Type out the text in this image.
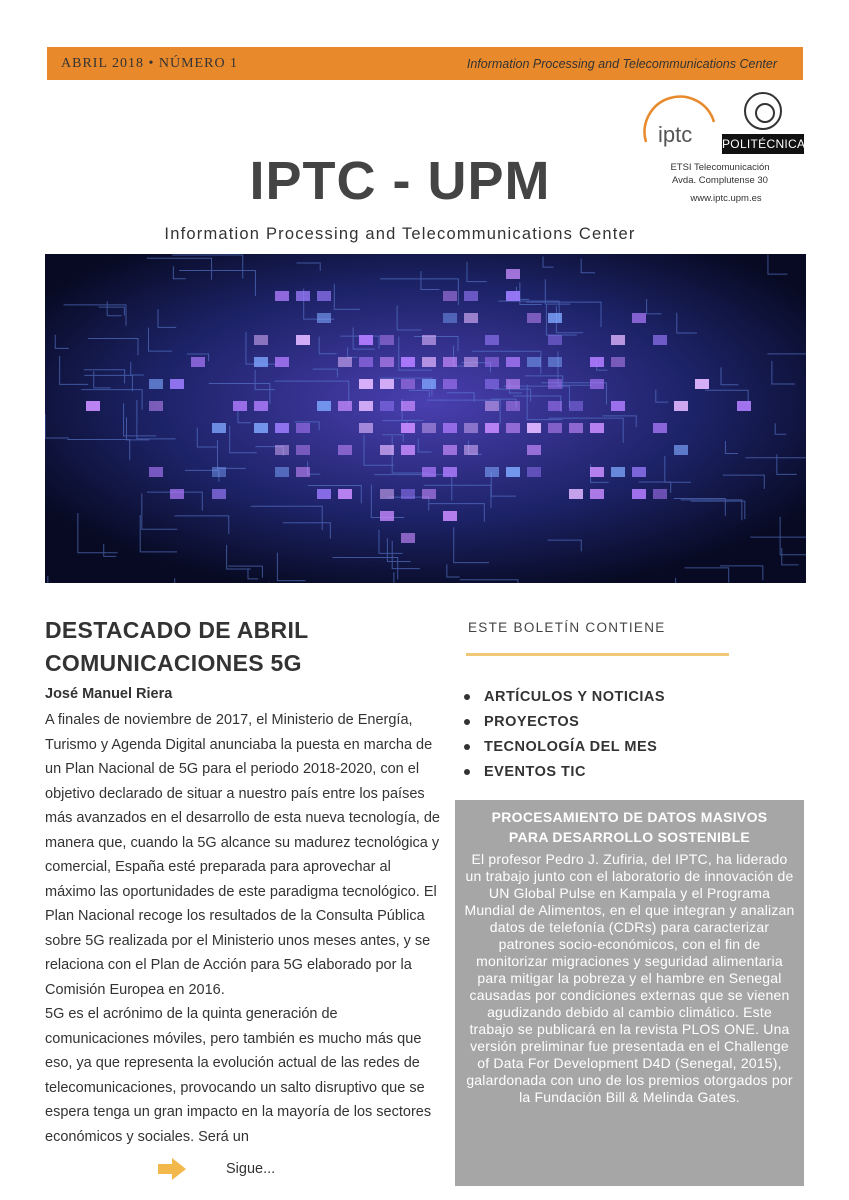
ABRIL 2018 • NÚMERO 1	Information Processing and Telecommunications Center
iptc POLITÉCNICA
ETSI Telecomunicación
Avda. Complutense 30
www.iptc.upm.es
IPTC - UPM
Information Processing and Telecommunications Center
DESTACADO DE ABRIL
COMUNICACIONES 5G
José Manuel Riera

A finales de noviembre de 2017, el Ministerio de Energía, Turismo y Agenda Digital anunciaba la puesta en marcha de un Plan Nacional de 5G para el periodo 2018-2020, con el objetivo declarado de situar a nuestro país entre los países más avanzados en el desarrollo de esta nueva tecnología, de manera que, cuando la 5G alcance su madurez tecnológica y comercial, España esté preparada para aprovechar al máximo las oportunidades de este paradigma tecnológico. El Plan Nacional recoge los resultados de la Consulta Pública sobre 5G realizada por el Ministerio unos meses antes, y se relaciona con el Plan de Acción para 5G elaborado por la Comisión Europea en 2016.

5G es el acrónimo de la quinta generación de comunicaciones móviles, pero también es mucho más que eso, ya que representa la evolución actual de las redes de telecomunicaciones, provocando un salto disruptivo que se espera tenga un gran impacto en la mayoría de los sectores económicos y sociales. Será un

Sigue...
ESTE BOLETÍN CONTIENE
ARTÍCULOS Y NOTICIAS
PROYECTOS
TECNOLOGÍA DEL MES
EVENTOS TIC
PROCESAMIENTO DE DATOS MASIVOS
PARA DESARROLLO SOSTENIBLE

El profesor Pedro J. Zufiria, del IPTC, ha liderado un trabajo junto con el laboratorio de innovación de UN Global Pulse en Kampala y el Programa Mundial de Alimentos, en el que integran y analizan datos de telefonía (CDRs) para caracterizar patrones socio-económicos, con el fin de monitorizar migraciones y seguridad alimentaria para mitigar la pobreza y el hambre en Senegal causadas por condiciones externas que se vienen agudizando debido al cambio climático. Este trabajo se publicará en la revista PLOS ONE. Una versión preliminar fue presentada en el Challenge of Data For Development D4D (Senegal, 2015), galardonada con uno de los premios otorgados por la Fundación Bill & Melinda Gates.
